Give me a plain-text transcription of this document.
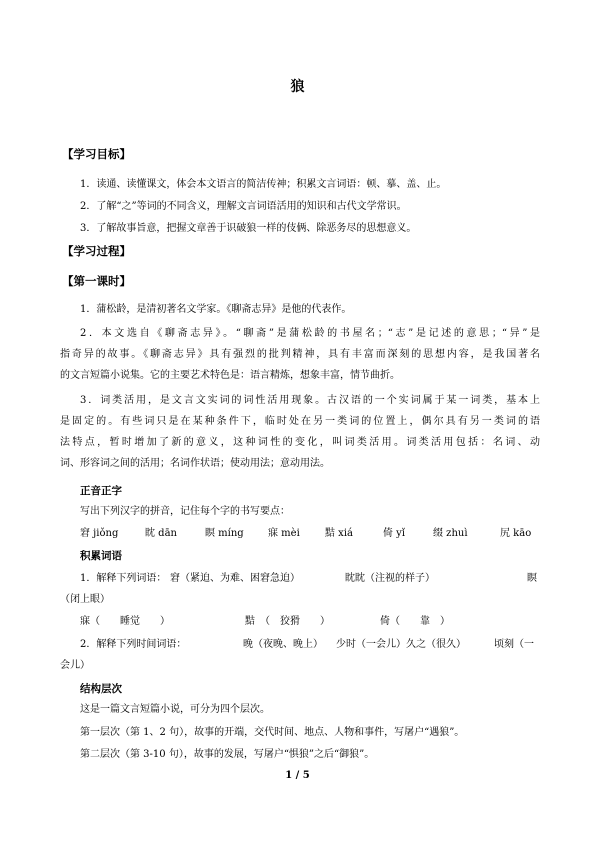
狼
【学习目标】
1．读通、读懂课文，体会本文语言的简洁传神；积累文言词语：顿、摹、盖、止。
2．了解“之”等词的不同含义，理解文言词语活用的知识和古代文学常识。
3．了解故事旨意，把握文章善于识破狼一样的伎俩、除恶务尽的思想意义。
【学习过程】
【第一课时】
1．蒲松龄，是清初著名文学家。《聊斋志异》是他的代表作。
2．本文选自《聊斋志异》。“聊斋”是蒲松龄的书屋名；“志”是记述的意思；“异”是
指奇异的故事。《聊斋志异》具有强烈的批判精神，具有丰富而深刻的思想内容，是我国著名
的文言短篇小说集。它的主要艺术特色是：语言精炼，想象丰富，情节曲折。
3．词类活用，是文言文实词的词性活用现象。古汉语的一个实词属于某一词类，基本上
是固定的。有些词只是在某种条件下，临时处在另一类词的位置上，偶尔具有另一类词的语
法特点，暂时增加了新的意义，这种词性的变化，叫词类活用。词类活用包括：名词、动
词、形容词之间的活用；名词作状语；使动用法；意动用法。
正音正字
写出下列汉字的拼音，记住每个字的书写要点：
窘 jiǒng	眈 dān	瞑 míng 寐 mèi	黠 xiá	倚 yǐ	缀 zhuì	尻 kāo
积累词语
1．解释下列词语： 窘（紧迫、为难、困窘急迫）	眈眈（注视的样子）	瞑
（闭上眼）
寐（　　睡觉　　）	黠　（　狡猾　　）	倚（　　靠　）
2．解释下列时间词语：	晚（夜晚、晚上） 少时（一会儿）久之（很久）	顷刻（一
会儿）
结构层次
这是一篇文言短篇小说，可分为四个层次。
第一层次（第 1、2 句），故事的开端，交代时间、地点、人物和事件，写屠户“遇狼”。
第二层次（第 3-10 句），故事的发展，写屠户“惧狼”之后“御狼”。
1 / 5
